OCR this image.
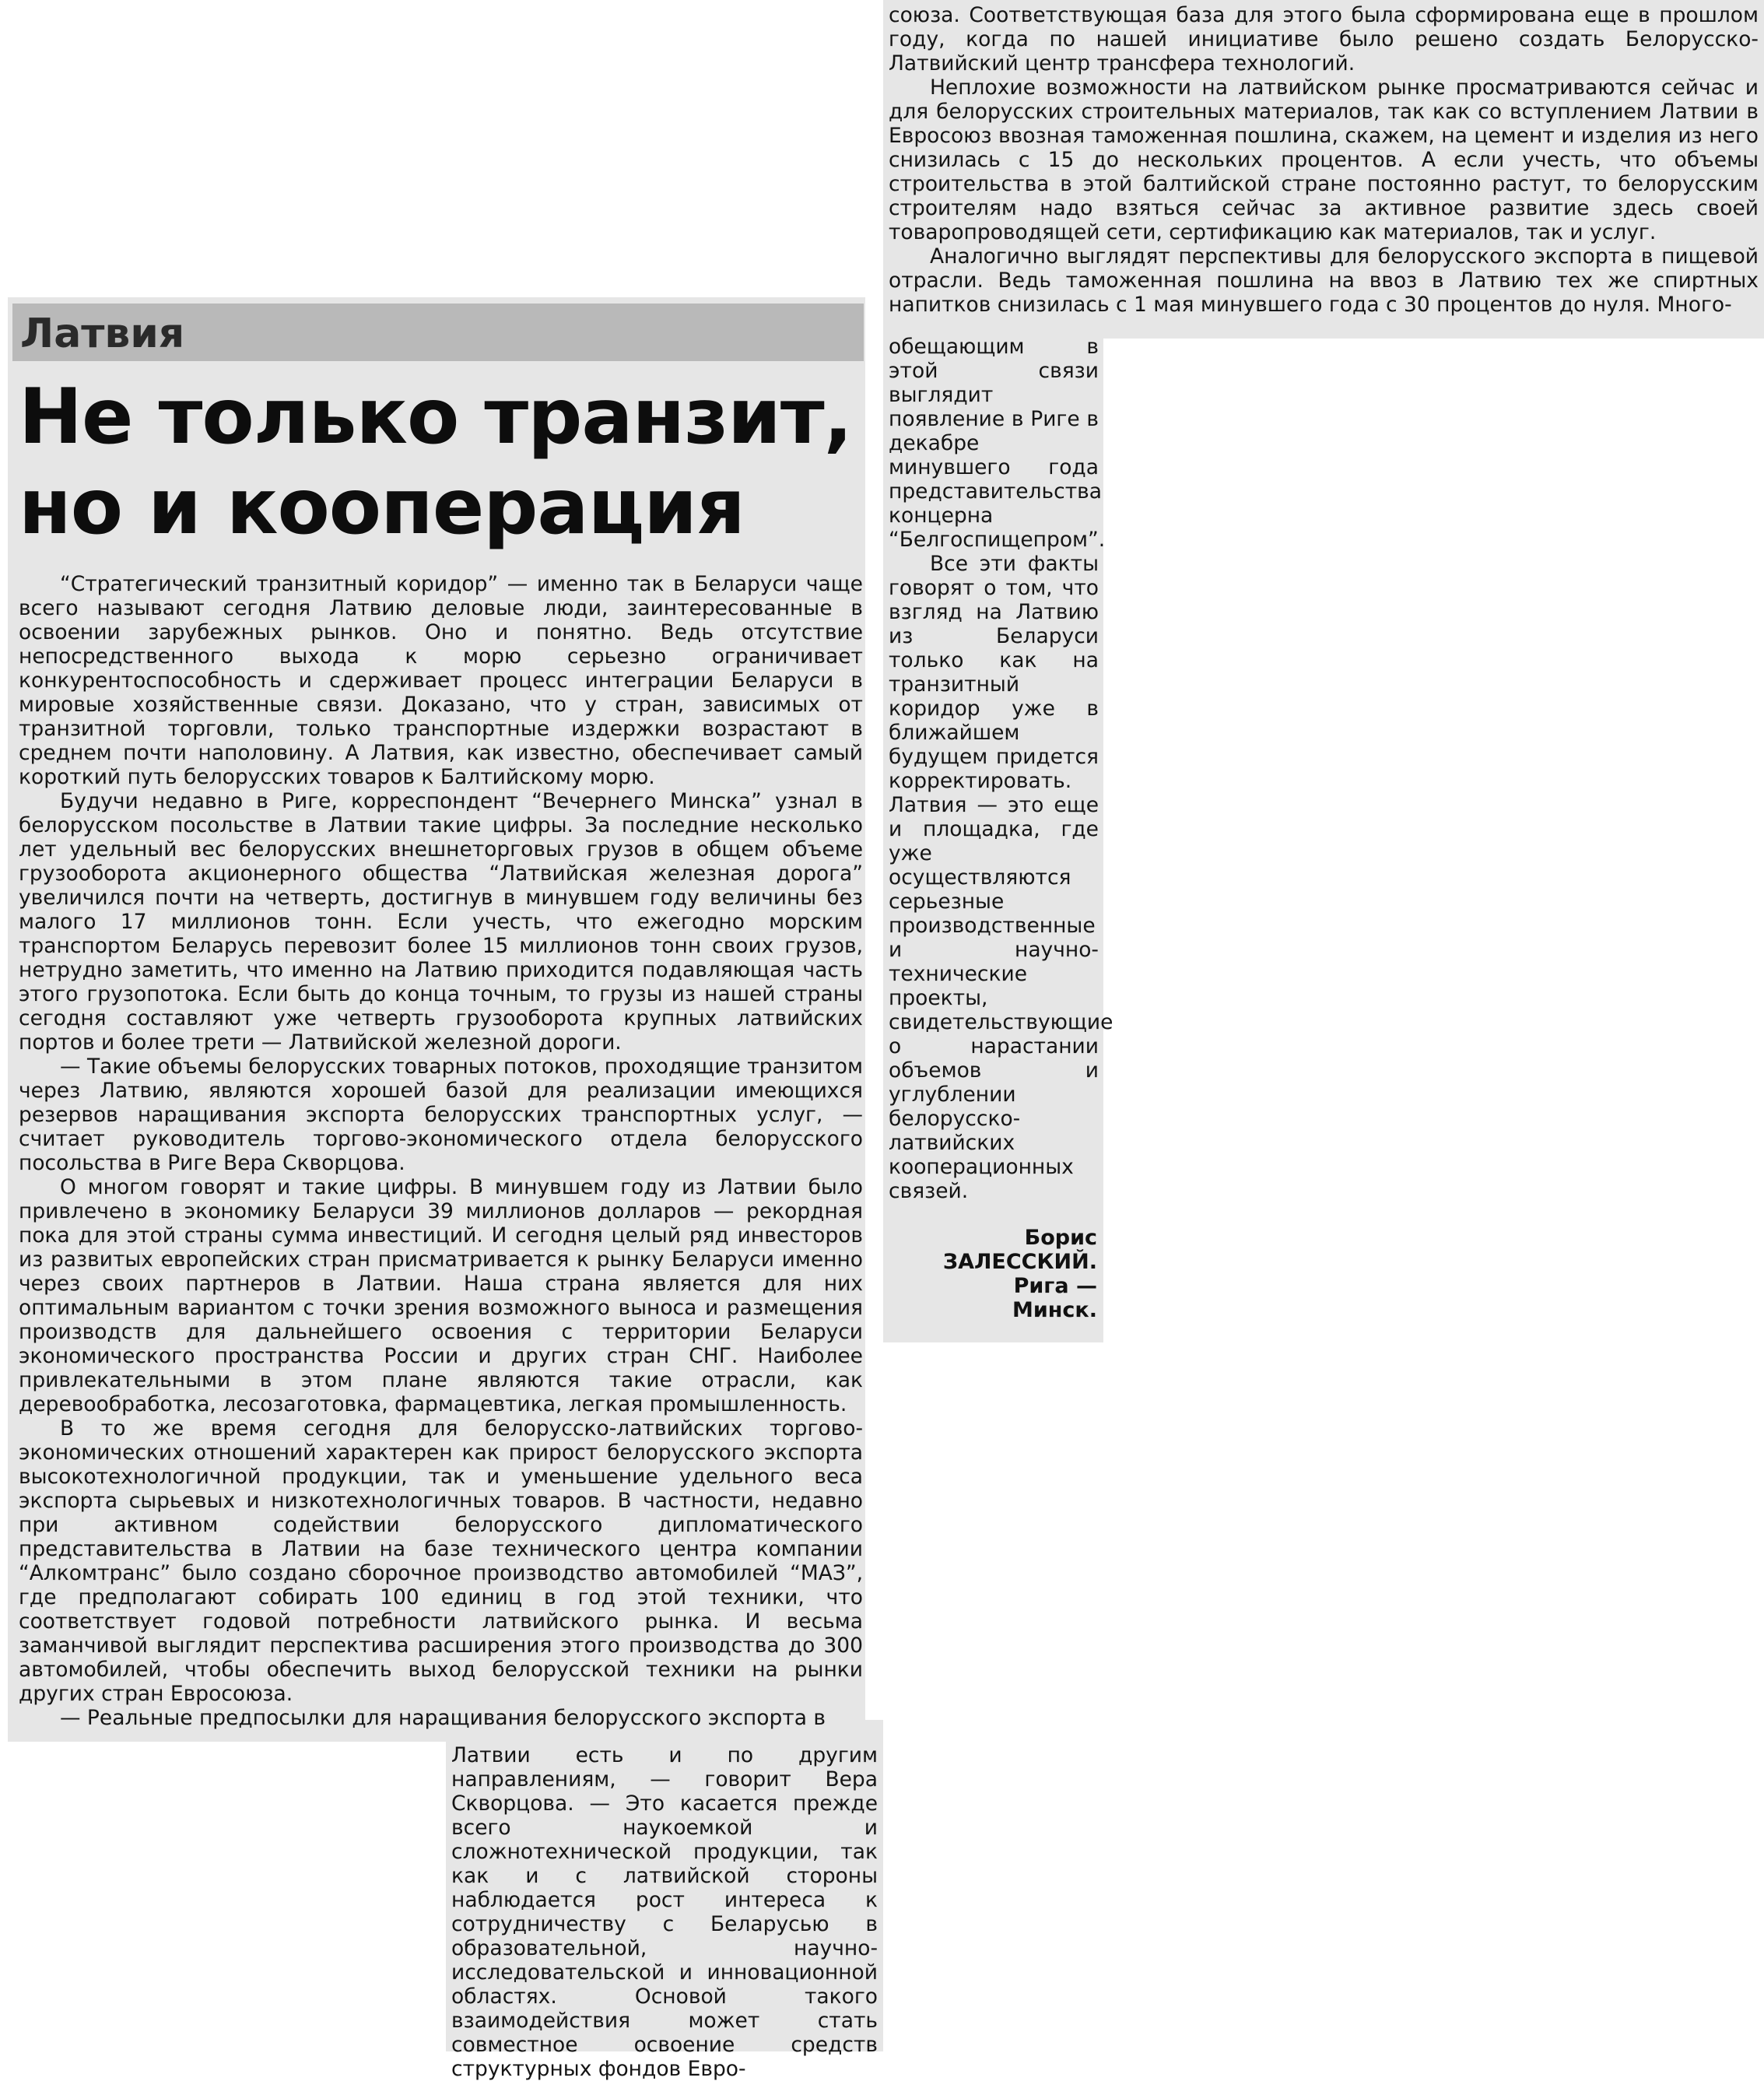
Латвия
Не только транзит,
но и кооперация

“Стратегический транзитный коридор” — именно так в Беларуси чаще всего называют сегодня Латвию деловые люди, заинтересованные в освоении зарубежных рынков. Оно и понятно. Ведь отсутствие непосредственного выхода к морю серьезно ограничивает конкурентоспособность и сдерживает процесс интеграции Беларуси в мировые хозяйственные связи. Доказано, что у стран, зависимых от транзитной торговли, только транспортные издержки возрастают в среднем почти наполовину. А Латвия, как известно, обеспечивает самый короткий путь белорусских товаров к Балтийскому морю.

Будучи недавно в Риге, корреспондент “Вечернего Минска” узнал в белорусском посольстве в Латвии такие цифры. За последние несколько лет удельный вес белорусских внешнеторговых грузов в общем объеме грузооборота акционерного общества “Латвийская железная дорога” увеличился почти на четверть, достигнув в минувшем году величины без малого 17 миллионов тонн. Если учесть, что ежегодно морским транспортом Беларусь перевозит более 15 миллионов тонн своих грузов, нетрудно заметить, что именно на Латвию приходится подавляющая часть этого грузопотока. Если быть до конца точным, то грузы из нашей страны сегодня составляют уже четверть грузооборота крупных латвийских портов и более трети — Латвийской железной дороги.

— Такие объемы белорусских товарных потоков, проходящие транзитом через Латвию, являются хорошей базой для реализации имеющихся резервов наращивания экспорта белорусских транспортных услуг, — считает руководитель торгово-экономического отдела белорусского посольства в Риге Вера Скворцова.

О многом говорят и такие цифры. В минувшем году из Латвии было привлечено в экономику Беларуси 39 миллионов долларов — рекордная пока для этой страны сумма инвестиций. И сегодня целый ряд инвесторов из развитых европейских стран присматривается к рынку Беларуси именно через своих партнеров в Латвии. Наша страна является для них оптимальным вариантом с точки зрения возможного выноса и размещения производств для дальнейшего освоения с территории Беларуси экономического пространства России и других стран СНГ. Наиболее привлекательными в этом плане являются такие отрасли, как деревообработка, лесозаготовка, фармацевтика, легкая промышленность.

В то же время сегодня для белорусско-латвийских торгово-экономических отношений характерен как прирост белорусского экспорта высокотехнологичной продукции, так и уменьшение удельного веса экспорта сырьевых и низкотехнологичных товаров. В частности, недавно при активном содействии белорусского дипломатического представительства в Латвии на базе технического центра компании “Алкомтранс” было создано сборочное производство автомобилей “МАЗ”, где предполагают собирать 100 единиц в год этой техники, что соответствует годовой потребности латвийского рынка. И весьма заманчивой выглядит перспектива расширения этого производства до 300 автомобилей, чтобы обеспечить выход белорусской техники на рынки других стран Евросоюза.

— Реальные предпосылки для наращивания белорусского экспорта в

Латвии есть и по другим направлениям, — говорит Вера Скворцова. — Это касается прежде всего наукоемкой и сложнотехнической продукции, так как и с латвийской стороны наблюдается рост интереса к сотрудничеству с Беларусью в образовательной, научно-исследовательской и инновационной областях. Основой такого взаимодействия может стать совместное освоение средств структурных фондов Евро-

союза. Соответствующая база для этого была сформирована еще в прошлом году, когда по нашей инициативе было решено создать Белорусско-Латвийский центр трансфера технологий.

Неплохие возможности на латвийском рынке просматриваются сейчас и для белорусских строительных материалов, так как со вступлением Латвии в Евросоюз ввозная таможенная пошлина, скажем, на цемент и изделия из него снизилась с 15 до нескольких процентов. А если учесть, что объемы строительства в этой балтийской стране постоянно растут, то белорусским строителям надо взяться сейчас за активное развитие здесь своей товаропроводящей сети, сертификацию как материалов, так и услуг.

Аналогично выглядят перспективы для белорусского экспорта в пищевой отрасли. Ведь таможенная пошлина на ввоз в Латвию тех же спиртных напитков снизилась с 1 мая минувшего года с 30 процентов до нуля. Много-

обещающим в этой связи выглядит появление в Риге в декабре минувшего года представительства концерна “Белгоспищепром”.

Все эти факты говорят о том, что взгляд на Латвию из Беларуси только как на транзитный коридор уже в ближайшем будущем придется корректировать. Латвия — это еще и площадка, где уже осуществляются серьезные производственные и научно-технические проекты, свидетельствующие о нарастании объемов и углублении белорусско-латвийских кооперационных связей.

Борис
ЗАЛЕССКИЙ.
Рига —
Минск.
